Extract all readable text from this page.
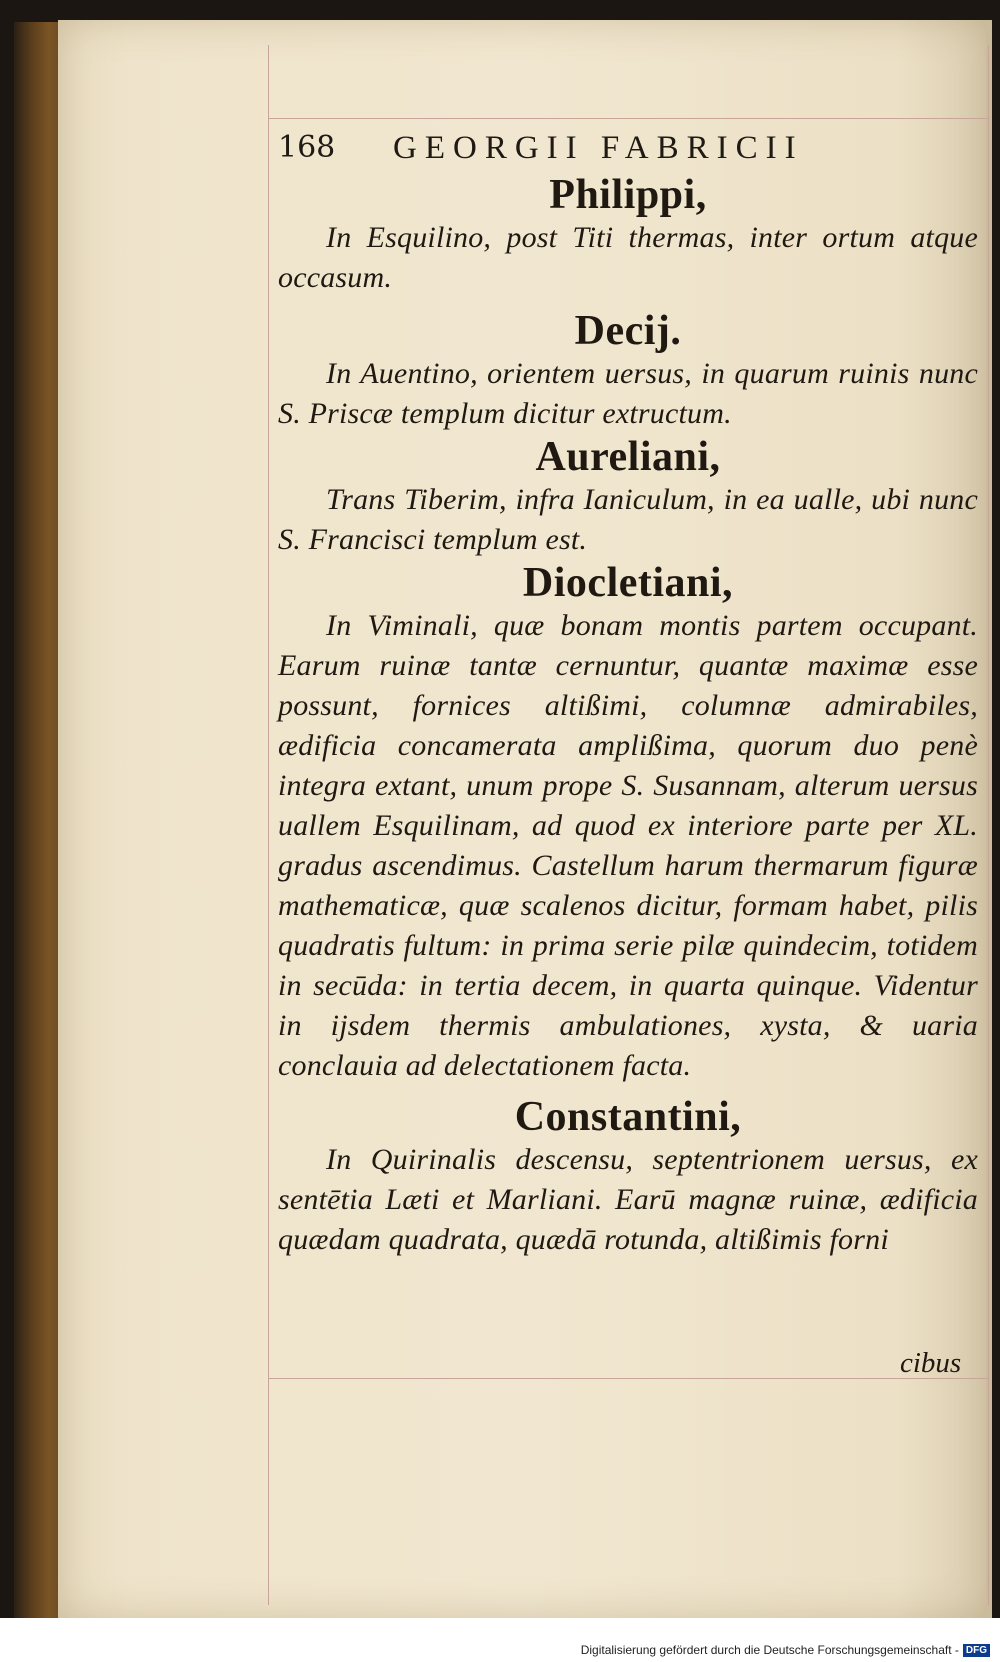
168 GEORGII FABRICII
Philippi,

In Esquilino, post Titi thermas, inter ortum atque occasum.

Decij.

In Auentino, orientem uersus, in quarum ruinis nunc S. Priscæ templum dicitur extructum.

Aureliani,

Trans Tiberim, infra Ianiculum, in ea ualle, ubi nunc S. Francisci templum est.

Diocletiani,

In Viminali, quæ bonam montis partem occupant. Earum ruinæ tantæ cernuntur, quantæ maximæ esse possunt, fornices altißimi, columnæ admirabiles, ædificia concamerata amplißima, quorum duo penè integra extant, unum prope S. Susannam, alterum uersus uallem Esquilinam, ad quod ex interiore parte per XL. gradus ascendimus. Castellum harum thermarum figuræ mathematicæ, quæ scalenos dicitur, formam habet, pilis quadratis fultum: in prima serie pilæ quindecim, totidem in secūda: in tertia decem, in quarta quinque. Videntur in ijsdem thermis ambulationes, xysta, & uaria conclauia ad delectationem facta.

Constantini,

In Quirinalis descensu, septentrionem uersus, ex sentētia Læti et Marliani. Earū magnæ ruinæ, ædificia quædam quadrata, quædā rotunda, altißimis forni

cibus
Digitalisierung gefördert durch die Deutsche Forschungsgemeinschaft - DFG
